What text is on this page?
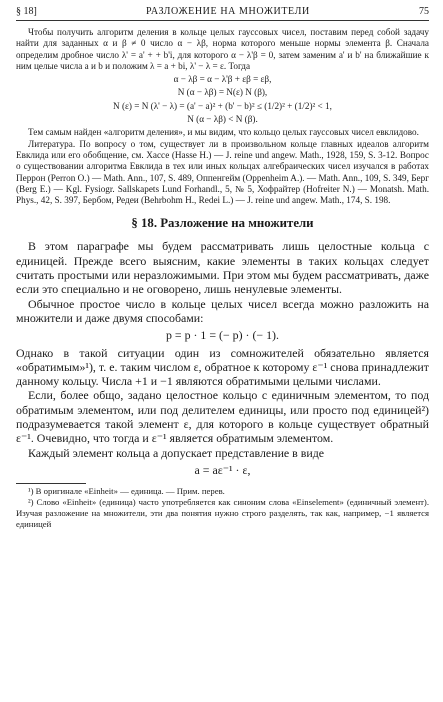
§ 18]	РАЗЛОЖЕНИЕ НА МНОЖИТЕЛИ	75

Чтобы получить алгоритм деления в кольце целых гауссовых чисел, поставим перед собой задачу найти для заданных α и β ≠ 0 число α − λβ, норма которого меньше нормы элемента β. Сначала определим дробное число λ' = a' + + b'i, для которого α − λ'β = 0, затем заменим a' и b' на ближайшие к ним целые числа a и b и положим λ = a + bi, λ' − λ = ε. Тогда

α − λβ = α − λ'β + εβ = εβ,

N (α − λβ) = N(ε) N (β),

N (ε) = N (λ' − λ) = (a' − a)² + (b' − b)² ≤ (1/2)² + (1/2)² < 1,

N (α − λβ) < N (β).

Тем самым найден «алгоритм деления», и мы видим, что кольцо целых гауссовых чисел евклидово.

Литература. По вопросу о том, существует ли в произвольном кольце главных идеалов алгоритм Евклида или его обобщение, см. Хассе (Hasse H.) — J. reine und angew. Math., 1928, 159, S. 3-12. Вопрос о существовании алгоритма Евклида в тех или иных кольцах алгебраических чисел изучался в работах Перрон (Perron O.) — Math. Ann., 107, S. 489, Оппенгейм (Oppenheim A.). — Math. Ann., 109, S. 349, Берг (Berg E.) — Kgl. Fysiogr. Sallskapets Lund Forhandl., 5, № 5, Хофрайтер (Hofreiter N.) — Monatsh. Math. Phys., 42, S. 397, Бербом, Редеи (Behrbohm H., Redei L.) — J. reine und angew. Math., 174, S. 198.

§ 18. Разложение на множители

В этом параграфе мы будем рассматривать лишь целостные кольца с единицей. Прежде всего выясним, какие элементы в таких кольцах следует считать простыми или неразложимыми. При этом мы будем рассматривать, даже если это специально и не оговорено, лишь ненулевые элементы.

Обычное простое число в кольце целых чисел всегда можно разложить на множители и даже двумя способами:

p = p · 1 = (− p) · (− 1).

Однако в такой ситуации один из сомножителей обязательно является «обратимым»¹), т. е. таким числом ε, обратное к которому ε⁻¹ снова принадлежит данному кольцу. Числа +1 и −1 являются обратимыми целыми числами.

Если, более общо, задано целостное кольцо с единичным элементом, то под обратимым элементом, или под делителем единицы, или просто под единицей²) подразумевается такой элемент ε, для которого в кольце существует обратный ε⁻¹. Очевидно, что тогда и ε⁻¹ является обратимым элементом.

Каждый элемент кольца a допускает представление в виде

a = aε⁻¹ · ε,

¹) В оригинале «Einheit» — единица. — Прим. перев.

²) Слово «Einheit» (единица) часто употребляется как синоним слова «Einselement» (единичный элемент). Изучая разложение на множители, эти два понятия нужно строго разделять, так как, например, −1 является единицей
